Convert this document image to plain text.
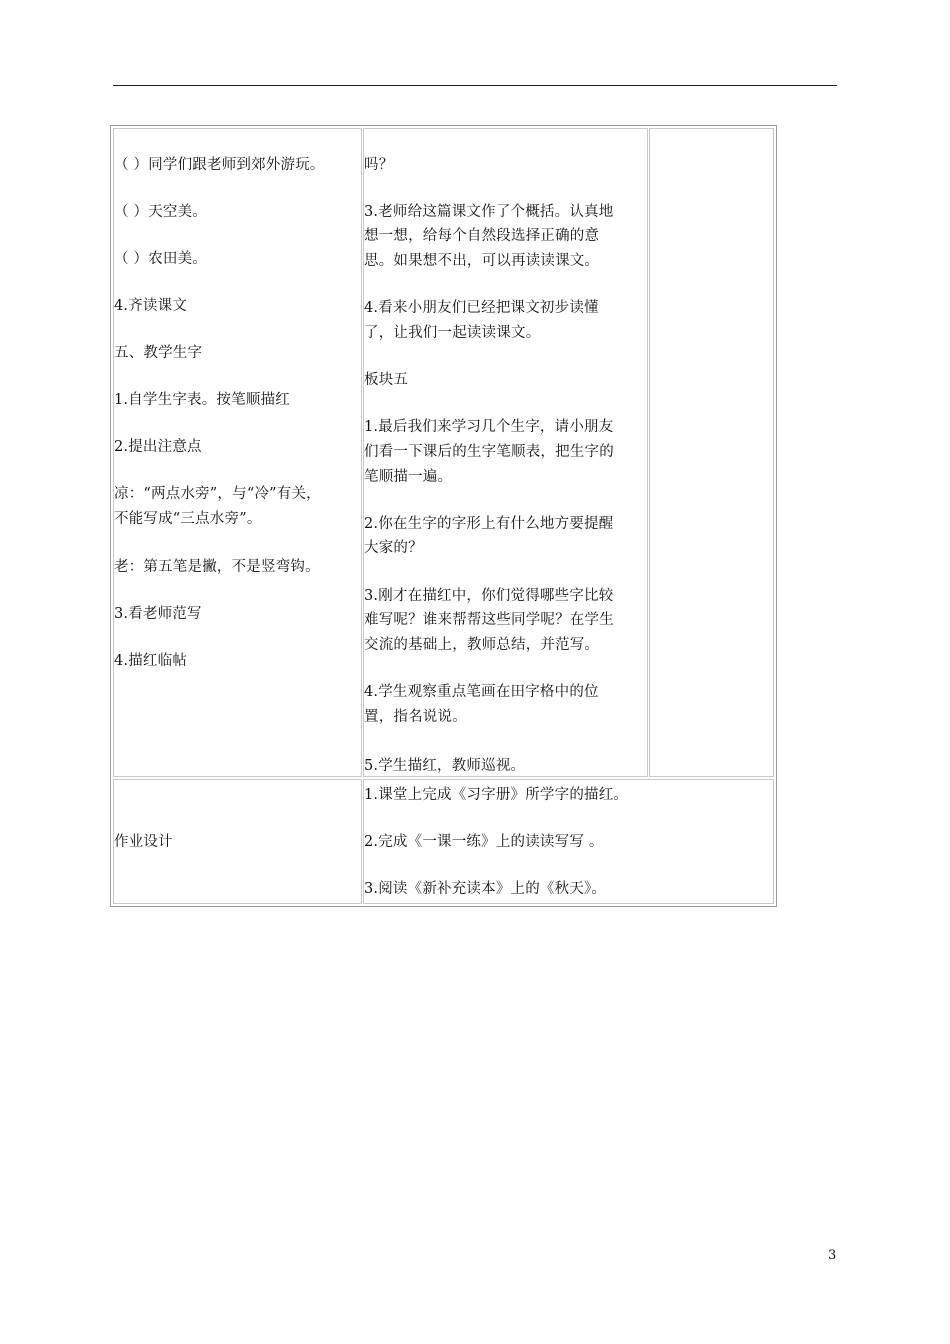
（ ）同学们跟老师到郊外游玩。
（ ）天空美。
（ ）农田美。
4.齐读课文
五、教学生字
1.自学生字表。按笔顺描红
2.提出注意点
凉：“两点水旁”，与“冷”有关，
不能写成“三点水旁”。
老：第五笔是撇，不是竖弯钩。
3.看老师范写
4.描红临帖
吗？
3.老师给这篇课文作了个概括。认真地
想一想，给每个自然段选择正确的意
思。如果想不出，可以再读读课文。
4.看来小朋友们已经把课文初步读懂
了，让我们一起读读课文。
板块五
1.最后我们来学习几个生字，请小朋友
们看一下课后的生字笔顺表，把生字的
笔顺描一遍。
2.你在生字的字形上有什么地方要提醒
大家的？
3.刚才在描红中，你们觉得哪些字比较
难写呢？谁来帮帮这些同学呢？在学生
交流的基础上，教师总结，并范写。
4.学生观察重点笔画在田字格中的位
置，指名说说。
5.学生描红，教师巡视。
作业设计
1.课堂上完成《习字册》所学字的描红。
2.完成《一课一练》上的读读写写 。
3.阅读《新补充读本》上的《秋天》。
3
